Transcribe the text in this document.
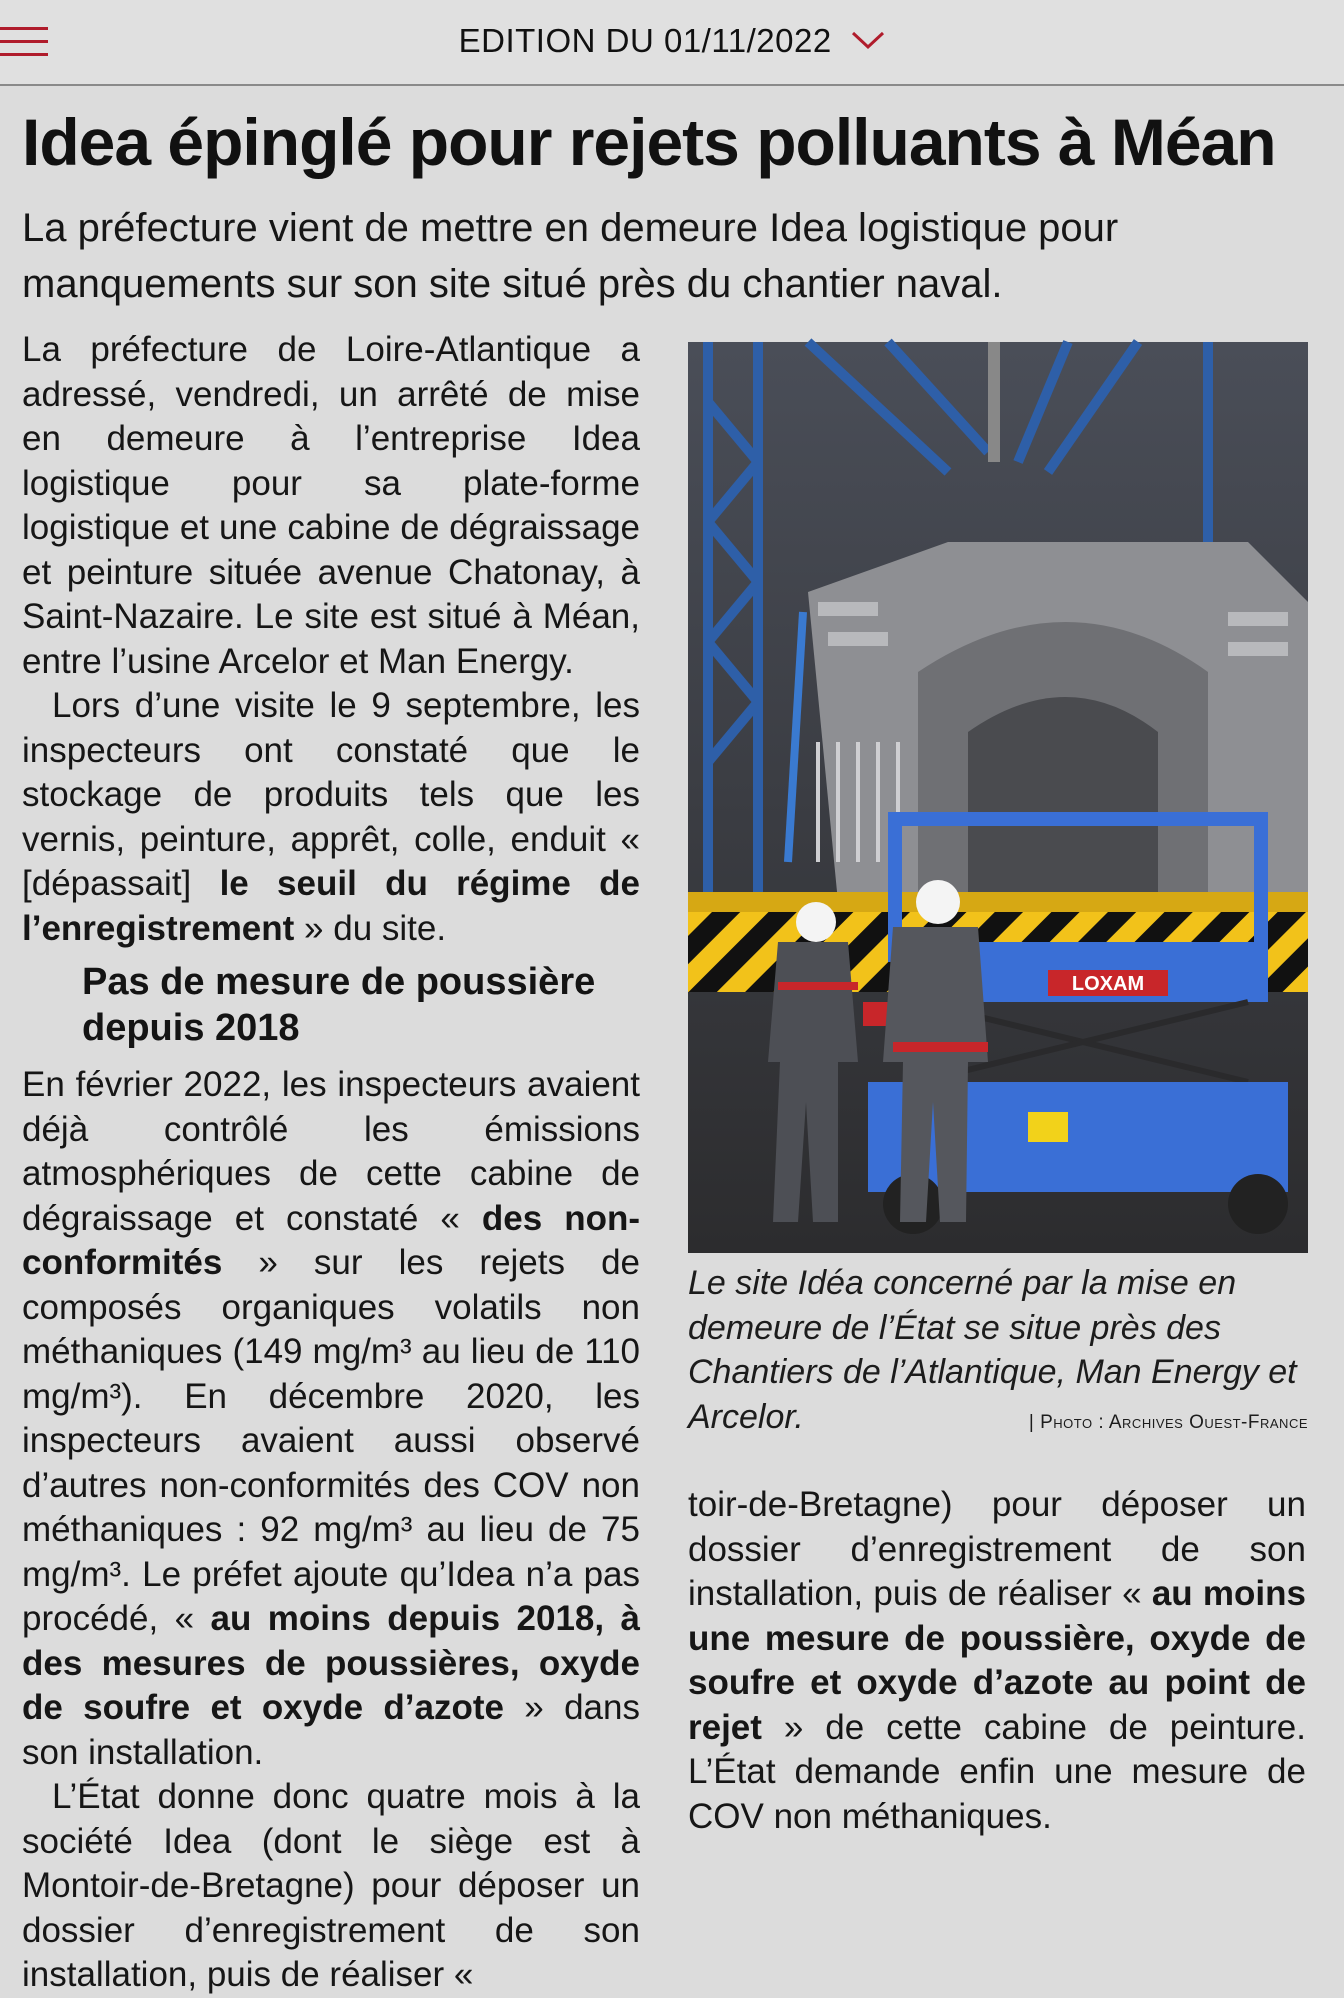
EDITION DU 01/11/2022
Idea épinglé pour rejets polluants à Méan

La préfecture vient de mettre en demeure Idea logistique pour manquements sur son site situé près du chantier naval.

La préfecture de Loire-Atlantique a adressé, vendredi, un arrêté de mise en demeure à l’entreprise Idea logistique pour sa plate-forme logistique et une cabine de dégraissage et peinture située avenue Chatonay, à Saint-Nazaire. Le site est situé à Méan, entre l’usine Arcelor et Man Energy.

Lors d’une visite le 9 septembre, les inspecteurs ont constaté que le stockage de produits tels que les vernis, peinture, apprêt, colle, enduit « [dépassait] le seuil du régime de l’enregistrement » du site.

Pas de mesure de poussière depuis 2018

En février 2022, les inspecteurs avaient déjà contrôlé les émissions atmosphériques de cette cabine de dégraissage et constaté « des non-conformités » sur les rejets de composés organiques volatils non méthaniques (149 mg/m³ au lieu de 110 mg/m³). En décembre 2020, les inspecteurs avaient aussi observé d’autres non-conformités des COV non méthaniques : 92 mg/m³ au lieu de 75 mg/m³. Le préfet ajoute qu’Idea n’a pas procédé, « au moins depuis 2018, à des mesures de poussières, oxyde de soufre et oxyde d’azote » dans son installation.

L’État donne donc quatre mois à la société Idea (dont le siège est à Montoir-de-Bretagne) pour déposer un dossier d’enregistrement de son installation, puis de réaliser «

LOXAM
Le site Idéa concerné par la mise en demeure de l’État se situe près des Chantiers de l’Atlantique, Man Energy et Arcelor.	| Photo : Archives Ouest-France

toir-de-Bretagne) pour déposer un dossier d’enregistrement de son installation, puis de réaliser « au moins une mesure de poussière, oxyde de soufre et oxyde d’azote au point de rejet » de cette cabine de peinture. L’État demande enfin une mesure de COV non méthaniques.
